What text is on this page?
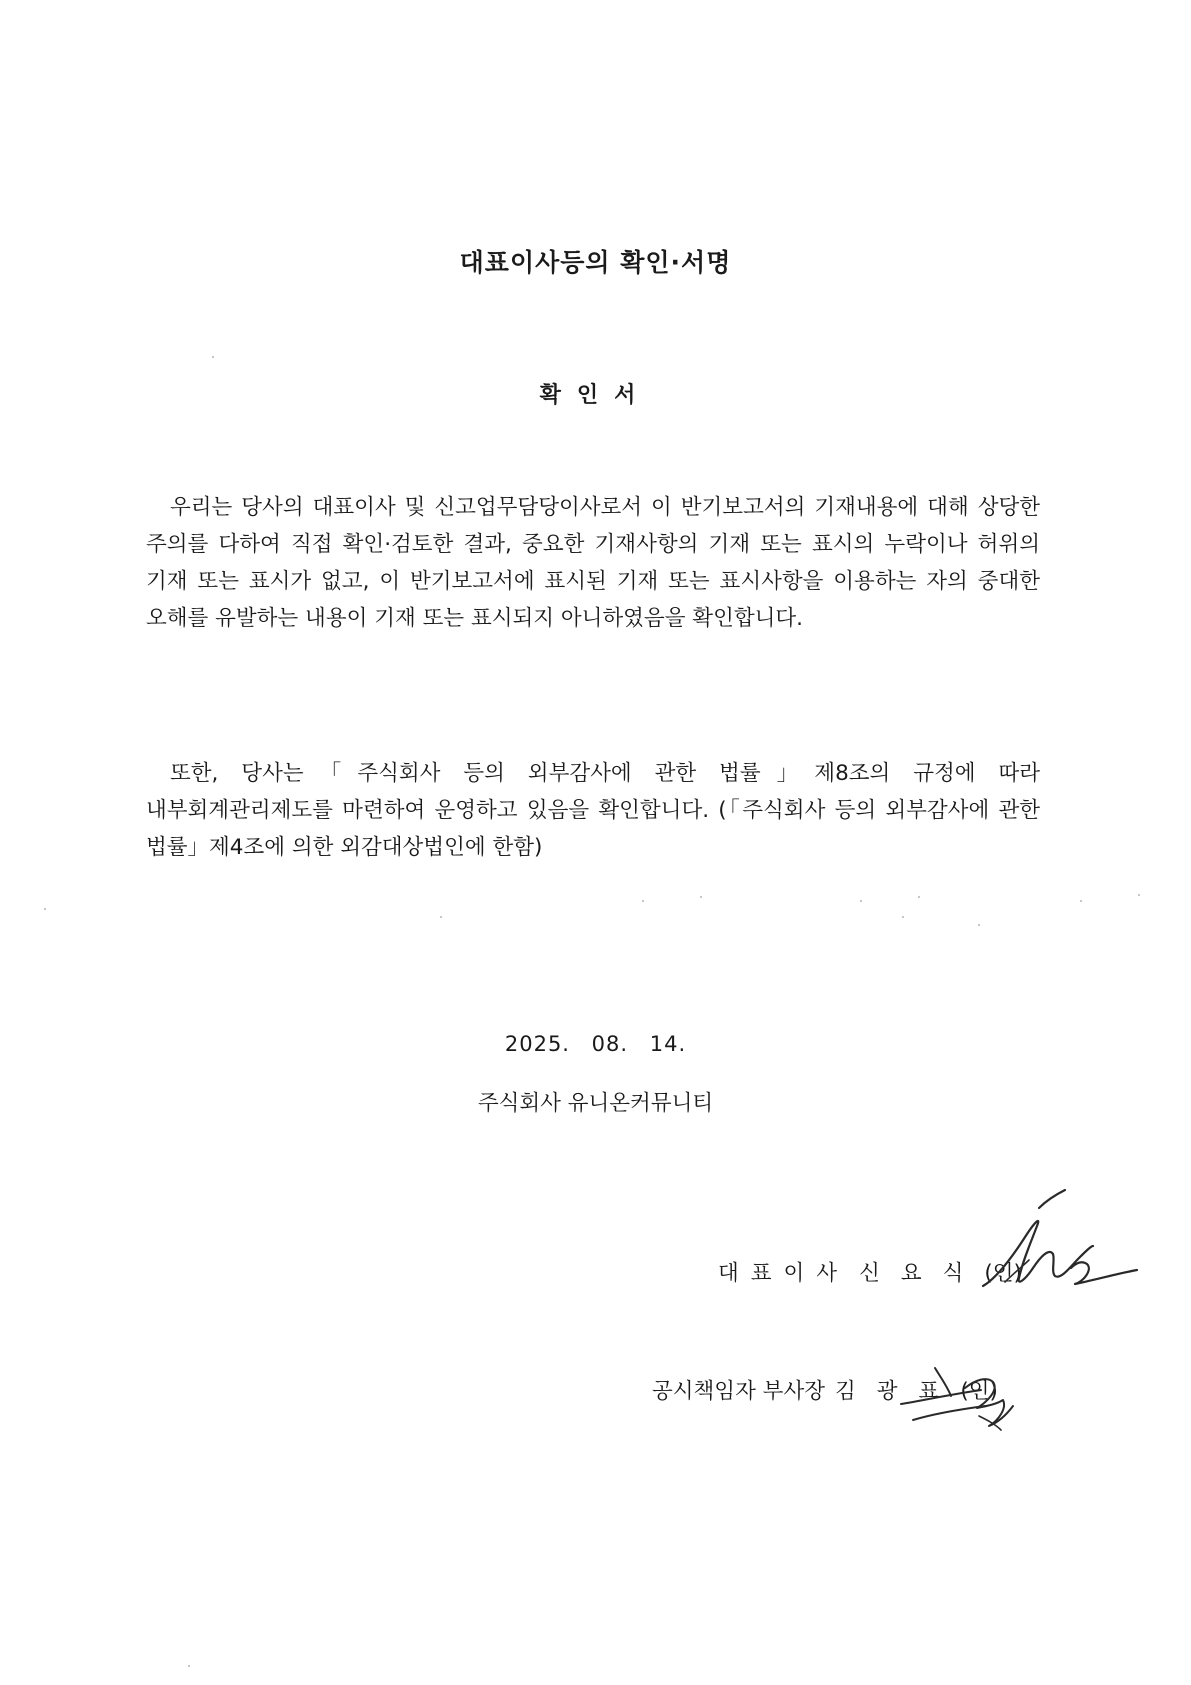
대표이사등의 확인·서명
확인서

우리는 당사의 대표이사 및 신고업무담당이사로서 이 반기보고서의 기재내용에 대해 상당한 주의를 다하여 직접 확인·검토한 결과, 중요한 기재사항의 기재 또는 표시의 누락이나 허위의 기재 또는 표시가 없고, 이 반기보고서에 표시된 기재 또는 표시사항을 이용하는 자의 중대한 오해를 유발하는 내용이 기재 또는 표시되지 아니하였음을 확인합니다.

또한, 당사는「주식회사 등의 외부감사에 관한 법률」제8조의 규정에 따라 내부회계관리제도를 마련하여 운영하고 있음을 확인합니다. (「주식회사 등의 외부감사에 관한 법률」제4조에 의한 외감대상법인에 한함)

2025. 08. 14.

주식회사 유니온커뮤니티

대표이사 신요식(인)
공시책임자 부사장 김광표(인)
